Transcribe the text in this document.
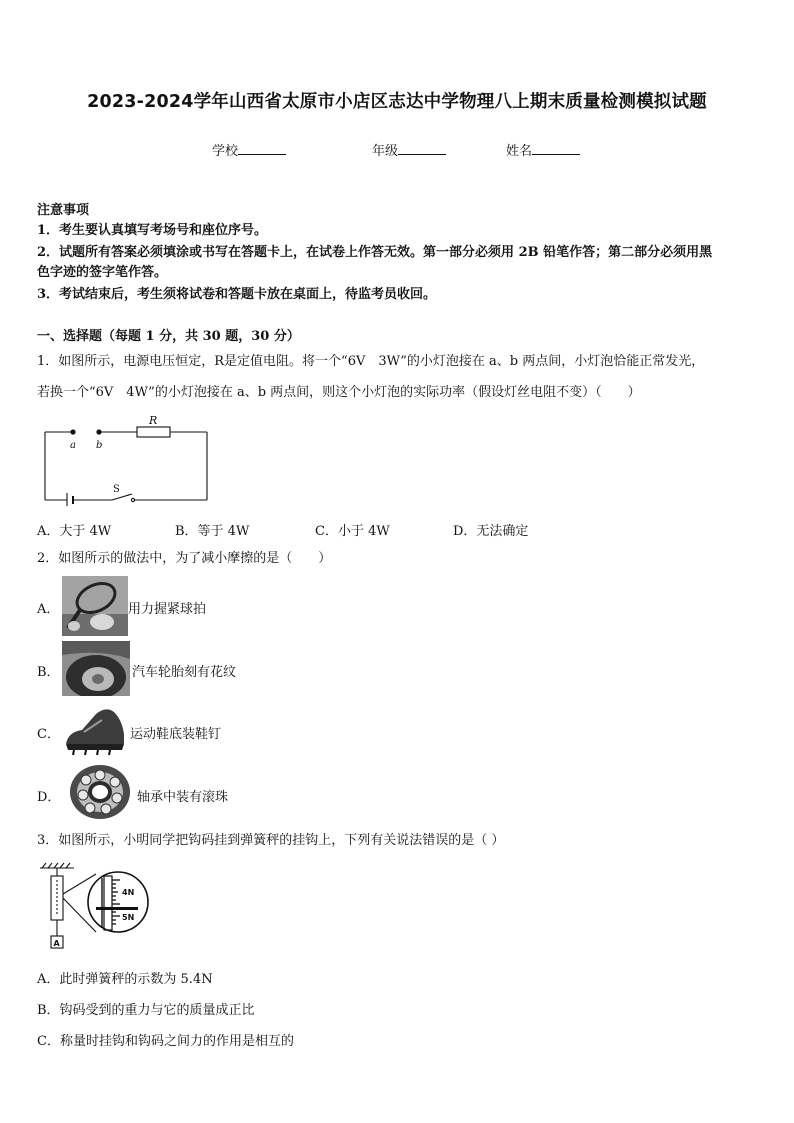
2023-2024学年山西省太原市小店区志达中学物理八上期末质量检测模拟试题
学校	年级	姓名
注意事项
1．考生要认真填写考场号和座位序号。
2．试题所有答案必须填涂或书写在答题卡上，在试卷上作答无效。第一部分必须用 2B 铅笔作答；第二部分必须用黑
色字迹的签字笔作答。
3．考试结束后，考生须将试卷和答题卡放在桌面上，待监考员收回。
一、选择题（每题 1 分，共 30 题，30 分）
1．如图所示，电源电压恒定，R是定值电阻。将一个“6V　3W”的小灯泡接在 a、b 两点间，小灯泡恰能正常发光，
若换一个“6V　4W”的小灯泡接在 a、b 两点间，则这个小灯泡的实际功率（假设灯丝电阻不变）（　　）
R
a b
S
A．大于 4W	B．等于 4W	C．小于 4W	D．无法确定
2．如图所示的做法中，为了减小摩擦的是（　　）
A．	用力握紧球拍
B．	汽车轮胎刻有花纹
C．	运动鞋底装鞋钉
D．	轴承中装有滚珠
3．如图所示，小明同学把钩码挂到弹簧秤的挂钩上，下列有关说法错误的是（ ）
4N
5N
A
A．此时弹簧秤的示数为 5.4N
B．钩码受到的重力与它的质量成正比
C．称量时挂钩和钩码之间力的作用是相互的
